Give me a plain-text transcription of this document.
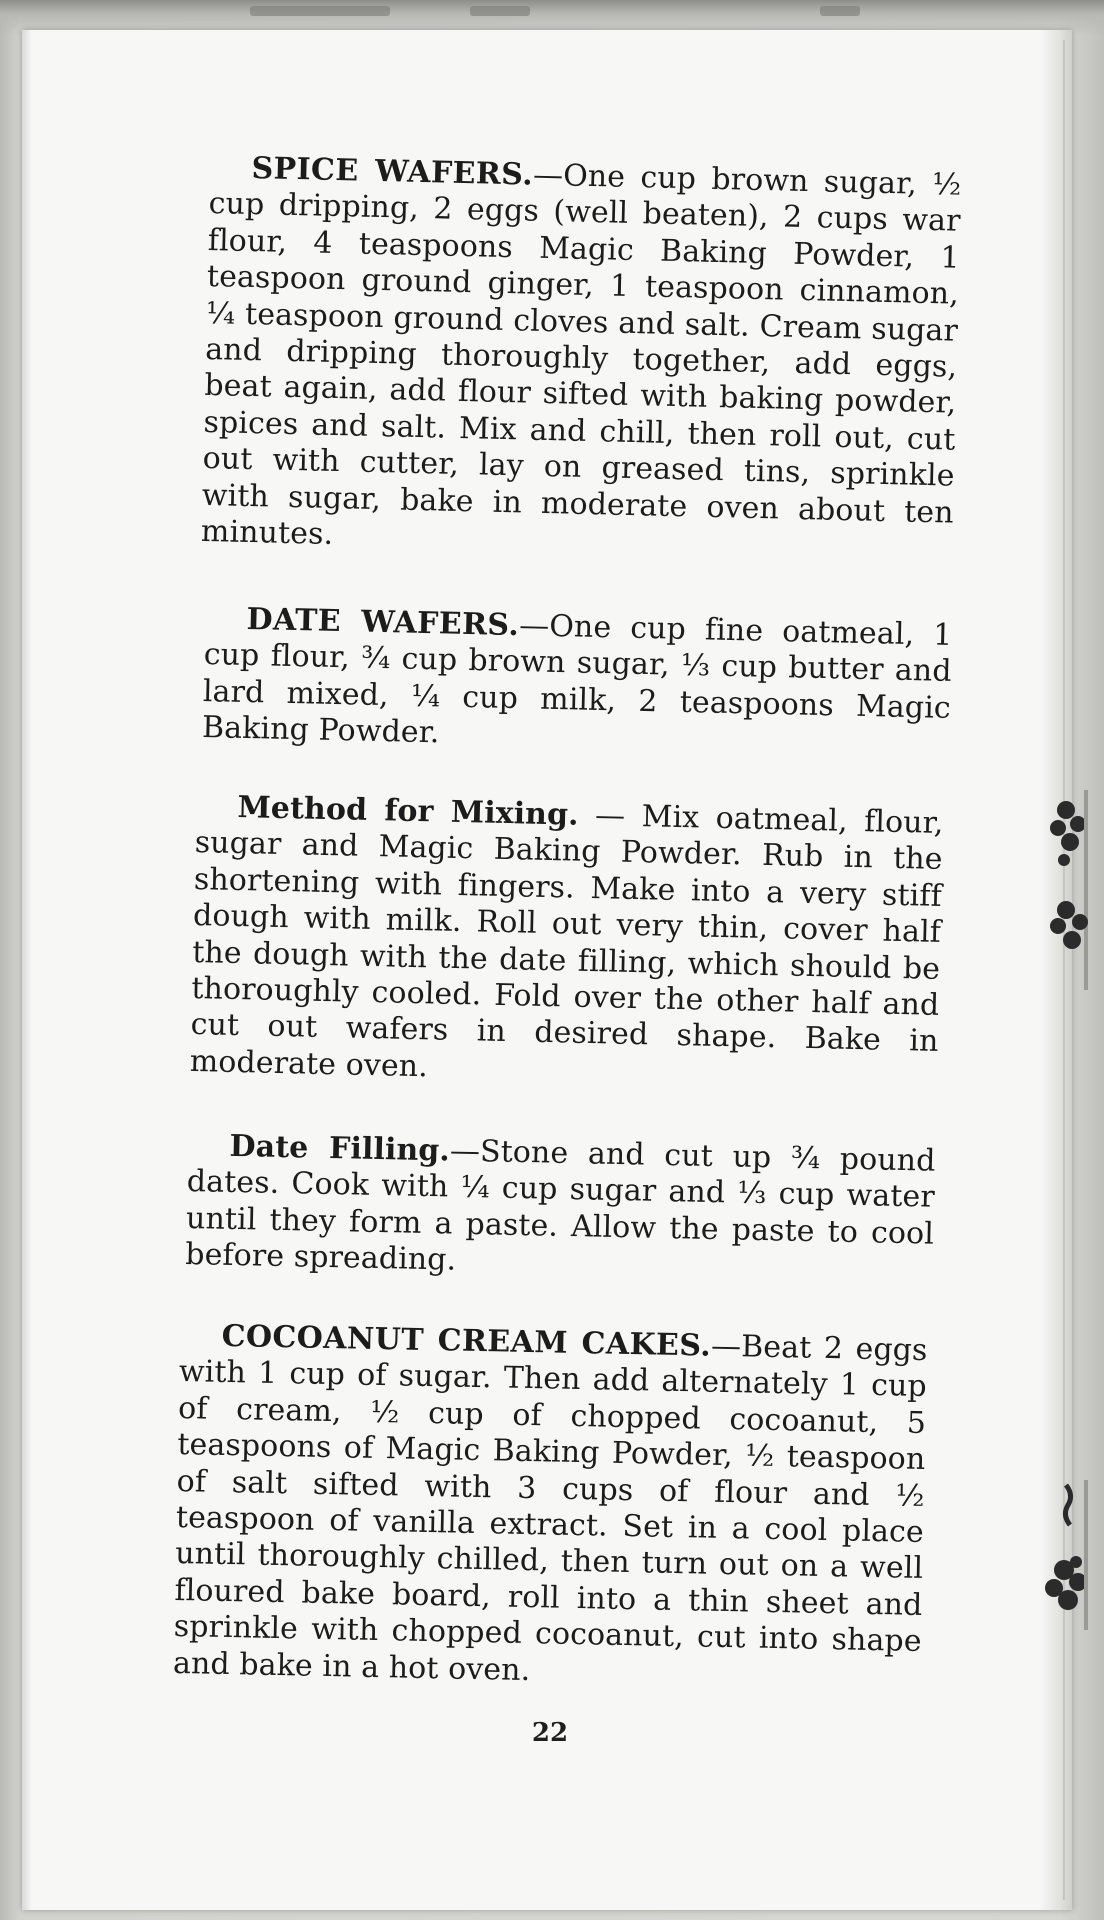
SPICE WAFERS.—One cup brown sugar, ½ cup dripping, 2 eggs (well beaten), 2 cups war flour, 4 teaspoons Magic Baking Powder, 1 teaspoon ground ginger, 1 teaspoon cinnamon, ¼ teaspoon ground cloves and salt. Cream sugar and dripping thoroughly together, add eggs, beat again, add flour sifted with baking powder, spices and salt. Mix and chill, then roll out, cut out with cutter, lay on greased tins, sprinkle with sugar, bake in moderate oven about ten minutes.

DATE WAFERS.—One cup fine oatmeal, 1 cup flour, ¾ cup brown sugar, ⅓ cup butter and lard mixed, ¼ cup milk, 2 teaspoons Magic Baking Powder.

Method for Mixing. — Mix oatmeal, flour, sugar and Magic Baking Powder. Rub in the shortening with fingers. Make into a very stiff dough with milk. Roll out very thin, cover half the dough with the date filling, which should be thoroughly cooled. Fold over the other half and cut out wafers in desired shape. Bake in moderate oven.

Date Filling.—Stone and cut up ¾ pound dates. Cook with ¼ cup sugar and ⅓ cup water until they form a paste. Allow the paste to cool before spreading.

COCOANUT CREAM CAKES.—Beat 2 eggs with 1 cup of sugar. Then add alternately 1 cup of cream, ½ cup of chopped cocoanut, 5 teaspoons of Magic Baking Powder, ½ teaspoon of salt sifted with 3 cups of flour and ½ teaspoon of vanilla extract. Set in a cool place until thoroughly chilled, then turn out on a well floured bake board, roll into a thin sheet and sprinkle with chopped cocoanut, cut into shape and bake in a hot oven.

22
